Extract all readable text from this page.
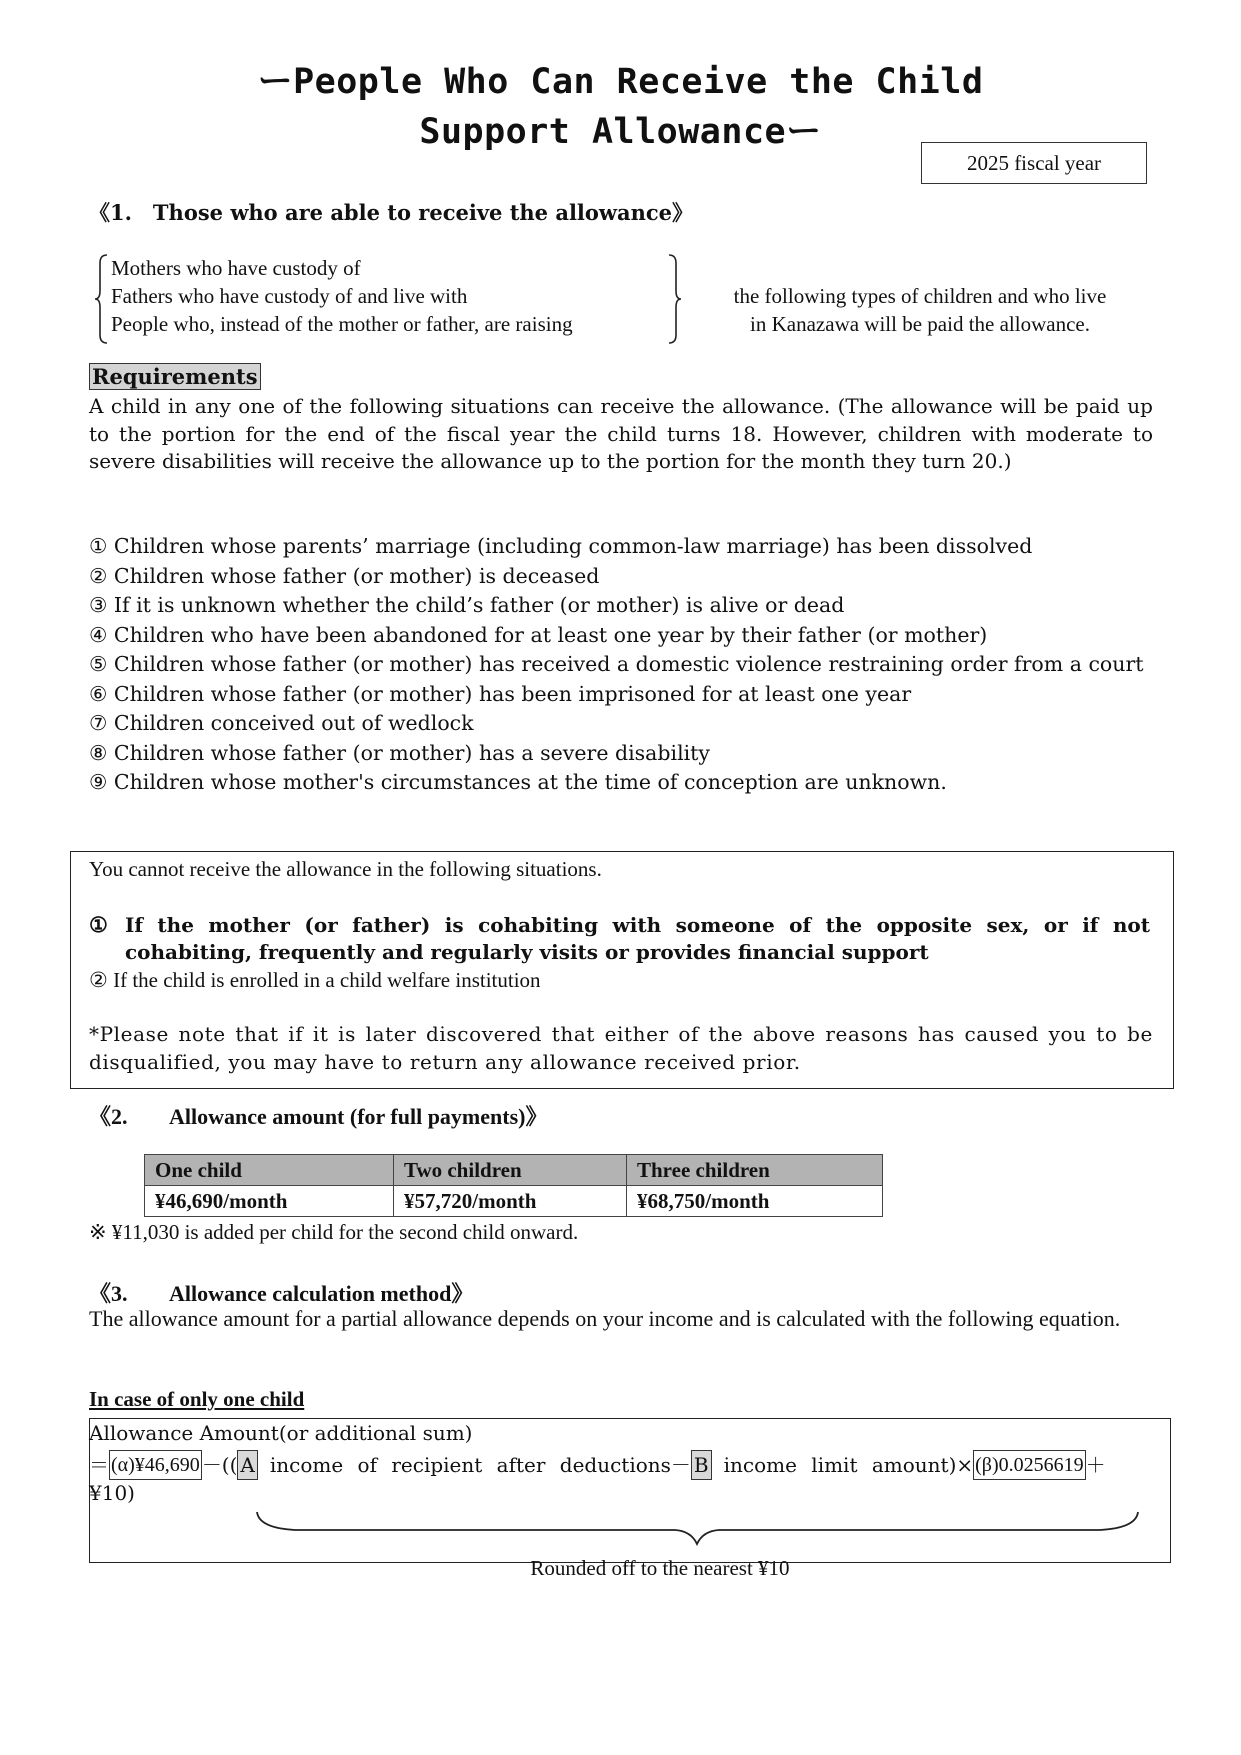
ーPeople Who Can Receive the Child
Support Allowanceー
2025 fiscal year
《1.　Those who are able to receive the allowance》
Mothers who have custody of
Fathers who have custody of and live with
People who, instead of the mother or father, are raising
the following types of children and who live
in Kanazawa will be paid the allowance.
Requirements
A child in any one of the following situations can receive the allowance. (The allowance will be paid up to the portion for the end of the fiscal year the child turns 18. However, children with moderate to severe disabilities will receive the allowance up to the portion for the month they turn 20.)
① Children whose parents’ marriage (including common-law marriage) has been dissolved
② Children whose father (or mother) is deceased
③ If it is unknown whether the child’s father (or mother) is alive or dead
④ Children who have been abandoned for at least one year by their father (or mother)
⑤ Children whose father (or mother) has received a domestic violence restraining order from a court
⑥ Children whose father (or mother) has been imprisoned for at least one year
⑦ Children conceived out of wedlock
⑧ Children whose father (or mother) has a severe disability
⑨ Children whose mother's circumstances at the time of conception are unknown.
You cannot receive the allowance in the following situations.
① If the mother (or father) is cohabiting with someone of the opposite sex, or if not cohabiting, frequently and regularly visits or provides financial support
② If the child is enrolled in a child welfare institution
*Please note that if it is later discovered that either of the above reasons has caused you to be disqualified, you may have to return any allowance received prior.
《2. Allowance amount (for full payments)》
One child	Two children	Three children
¥46,690/month	¥57,720/month	¥68,750/month
※ ¥11,030 is added per child for the second child onward.
《3. Allowance calculation method》
The allowance amount for a partial allowance depends on your income and is calculated with the following equation.
In case of only one child
Allowance Amount(or additional sum)
＝ (α)¥46,690 －(( A income of recipient after deductions－ B income limit amount)× (β)0.0256619 ＋
¥10)
Rounded off to the nearest ¥10
